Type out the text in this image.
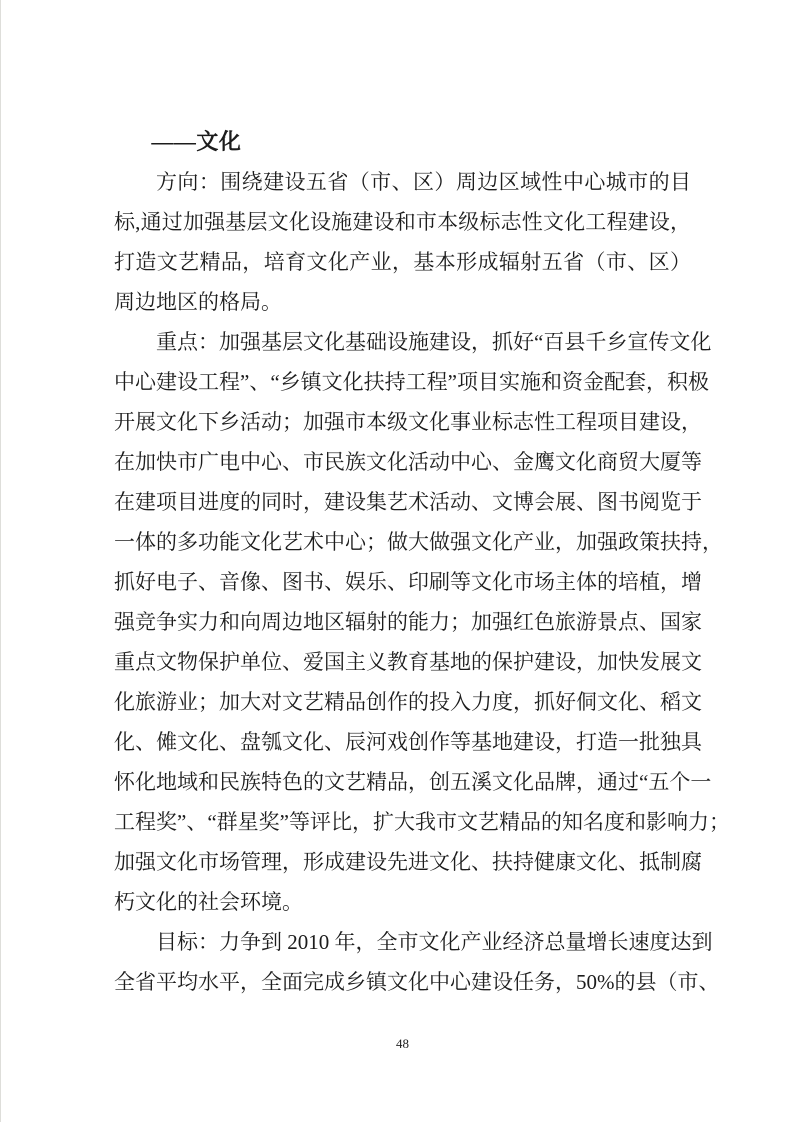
——文化
方向：围绕建设五省（市、区）周边区域性中心城市的目
标,通过加强基层文化设施建设和市本级标志性文化工程建设，
打造文艺精品，培育文化产业，基本形成辐射五省（市、区）
周边地区的格局。
重点：加强基层文化基础设施建设，抓好“百县千乡宣传文化
中心建设工程”、“乡镇文化扶持工程”项目实施和资金配套，积极
开展文化下乡活动；加强市本级文化事业标志性工程项目建设，
在加快市广电中心、市民族文化活动中心、金鹰文化商贸大厦等
在建项目进度的同时，建设集艺术活动、文博会展、图书阅览于
一体的多功能文化艺术中心；做大做强文化产业，加强政策扶持，
抓好电子、音像、图书、娱乐、印刷等文化市场主体的培植，增
强竞争实力和向周边地区辐射的能力；加强红色旅游景点、国家
重点文物保护单位、爱国主义教育基地的保护建设，加快发展文
化旅游业；加大对文艺精品创作的投入力度，抓好侗文化、稻文
化、傩文化、盘瓠文化、辰河戏创作等基地建设，打造一批独具
怀化地域和民族特色的文艺精品，创五溪文化品牌，通过“五个一
工程奖”、“群星奖”等评比，扩大我市文艺精品的知名度和影响力；
加强文化市场管理，形成建设先进文化、扶持健康文化、抵制腐
朽文化的社会环境。
目标：力争到 2010 年，全市文化产业经济总量增长速度达到
全省平均水平，全面完成乡镇文化中心建设任务，50%的县（市、
48
